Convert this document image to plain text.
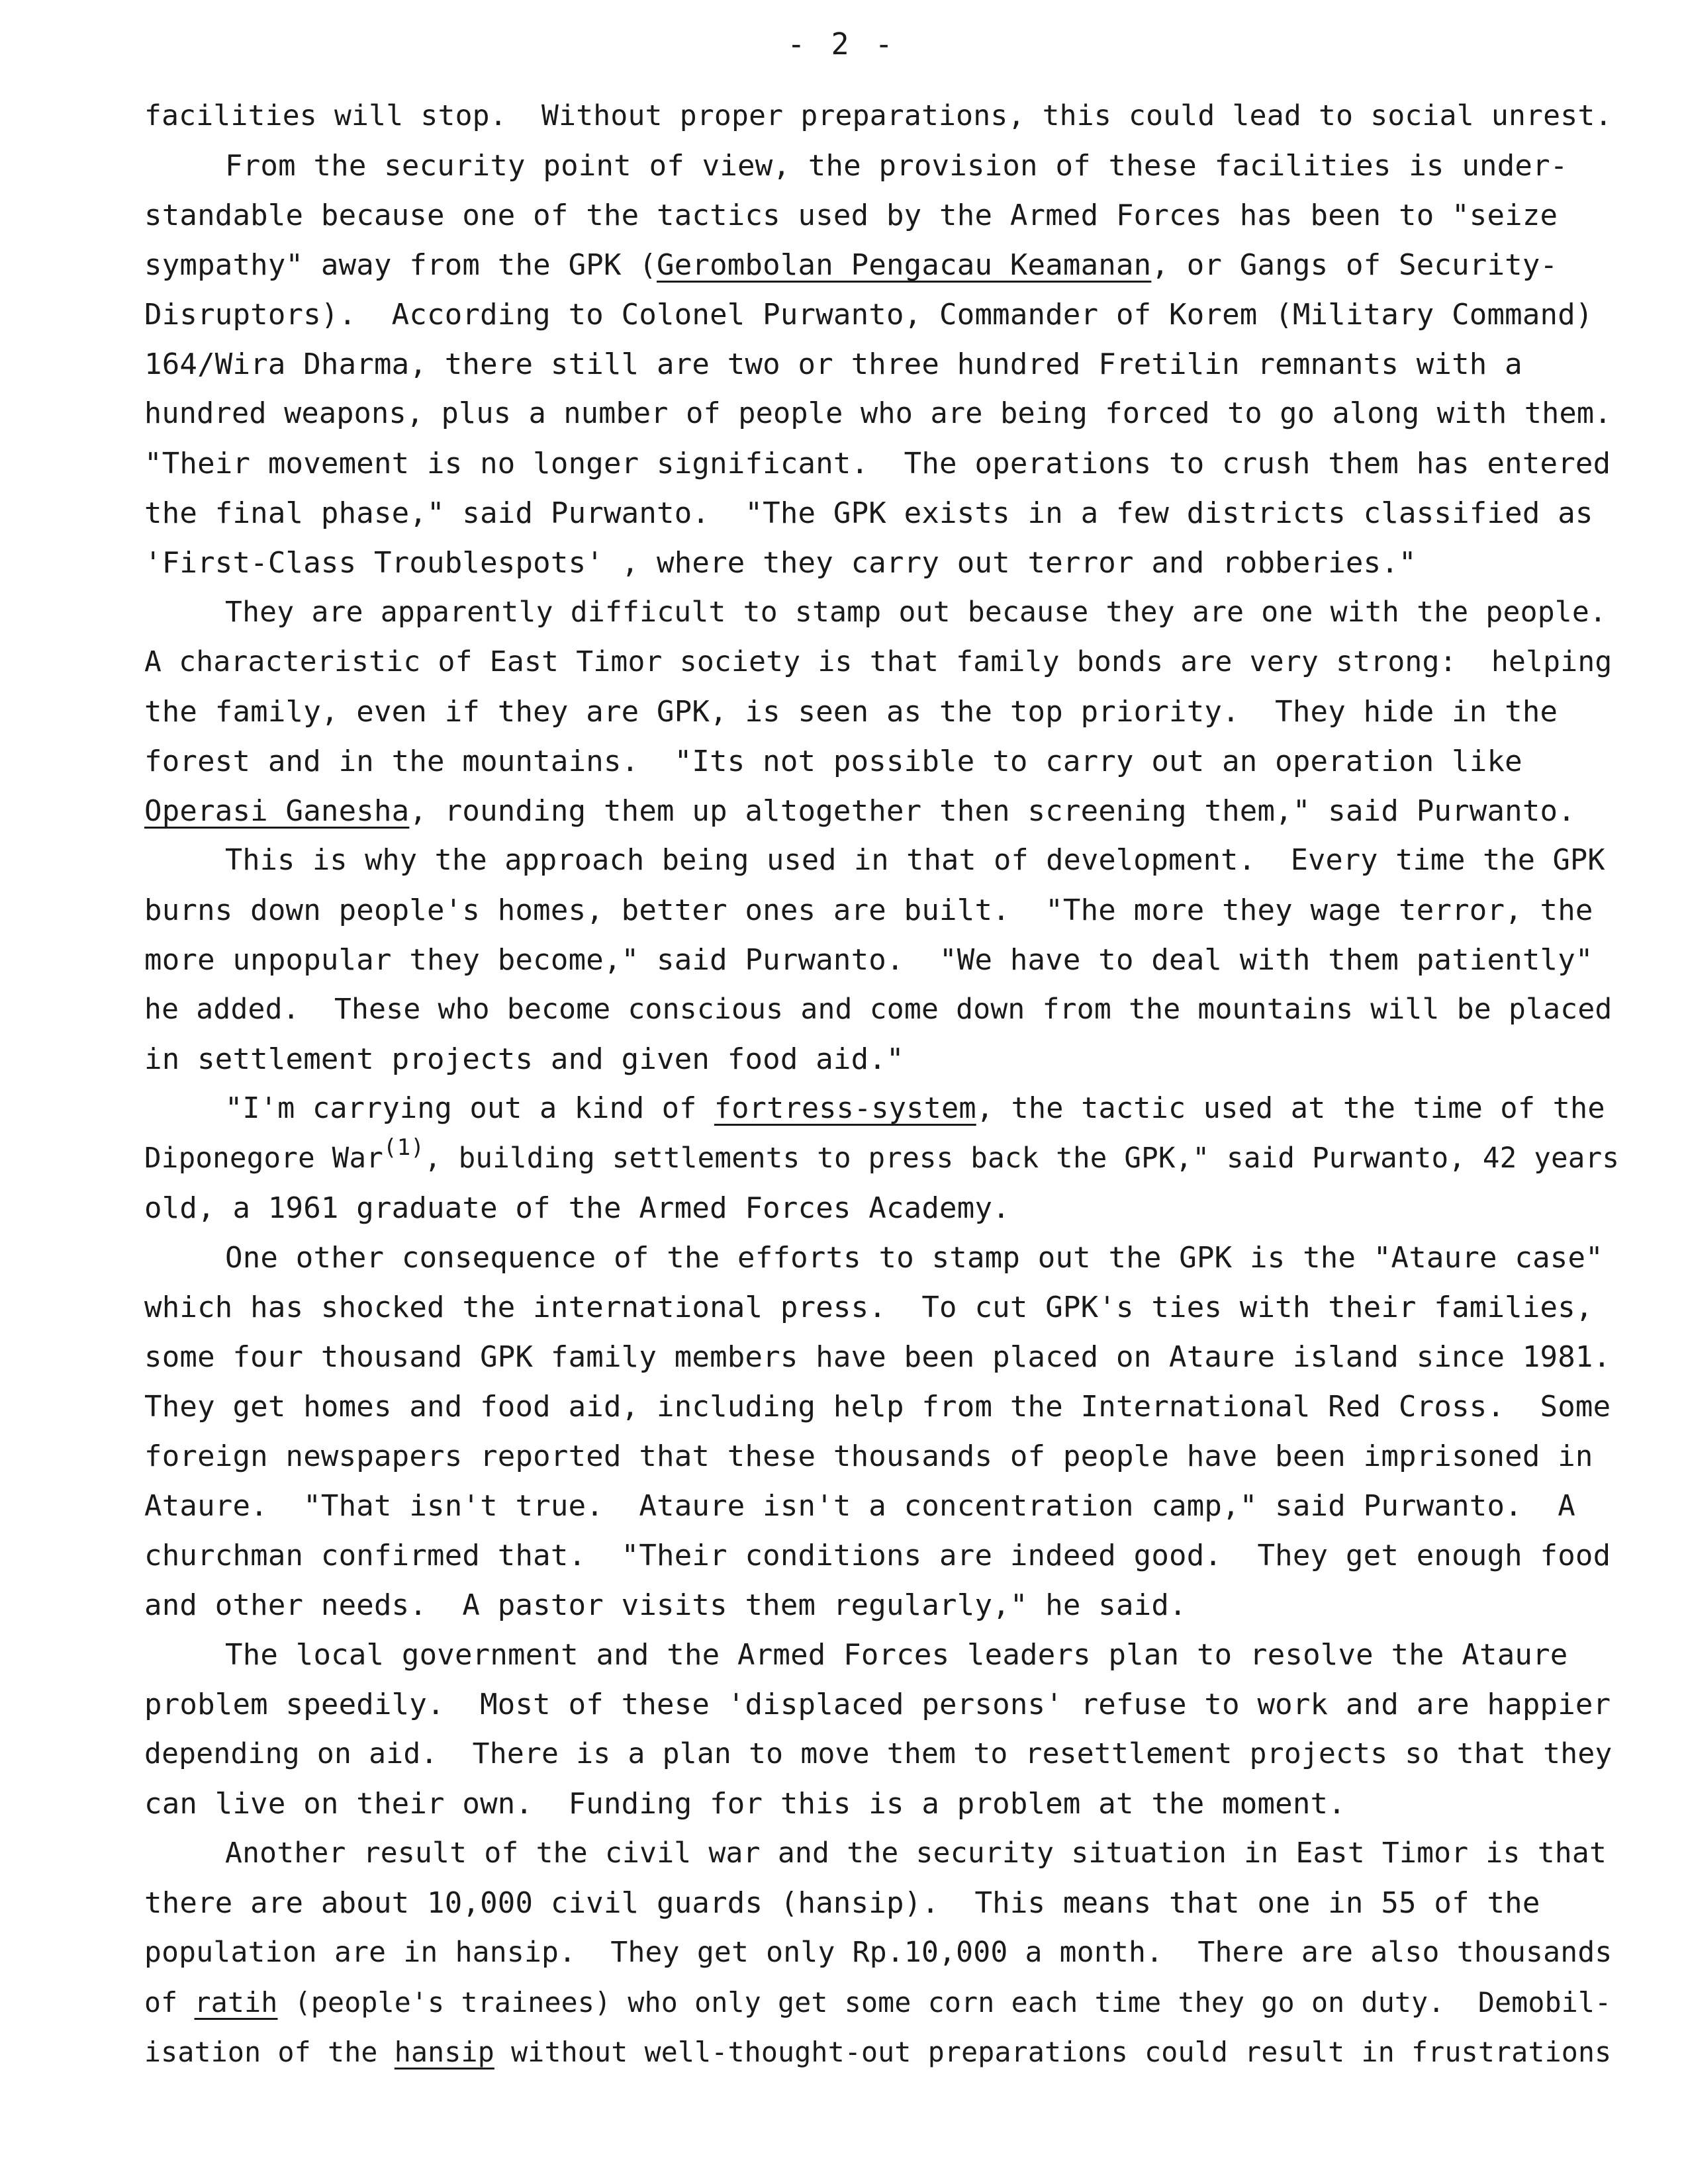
- 2 -
facilities will stop.  Without proper preparations, this could lead to social unrest.
From the security point of view, the provision of these facilities is under-
standable because one of the tactics used by the Armed Forces has been to "seize
sympathy" away from the GPK (Gerombolan Pengacau Keamanan, or Gangs of Security-
Disruptors).  According to Colonel Purwanto, Commander of Korem (Military Command)
164/Wira Dharma, there still are two or three hundred Fretilin remnants with a
hundred weapons, plus a number of people who are being forced to go along with them.
"Their movement is no longer significant.  The operations to crush them has entered
the final phase," said Purwanto.  "The GPK exists in a few districts classified as
'First-Class Troublespots' , where they carry out terror and robberies."
They are apparently difficult to stamp out because they are one with the people.
A characteristic of East Timor society is that family bonds are very strong:  helping
the family, even if they are GPK, is seen as the top priority.  They hide in the
forest and in the mountains.  "Its not possible to carry out an operation like
Operasi Ganesha, rounding them up altogether then screening them," said Purwanto.
This is why the approach being used in that of development.  Every time the GPK
burns down people's homes, better ones are built.  "The more they wage terror, the
more unpopular they become," said Purwanto.  "We have to deal with them patiently"
he added.  These who become conscious and come down from the mountains will be placed
in settlement projects and given food aid."
"I'm carrying out a kind of fortress-system, the tactic used at the time of the
Diponegore War$^{(1)}$, building settlements to press back the GPK," said Purwanto, 42 years
old, a 1961 graduate of the Armed Forces Academy.
One other consequence of the efforts to stamp out the GPK is the "Ataure case"
which has shocked the international press.  To cut GPK's ties with their families,
some four thousand GPK family members have been placed on Ataure island since 1981.
They get homes and food aid, including help from the International Red Cross.  Some
foreign newspapers reported that these thousands of people have been imprisoned in
Ataure.  "That isn't true.  Ataure isn't a concentration camp," said Purwanto.  A
churchman confirmed that.  "Their conditions are indeed good.  They get enough food
and other needs.  A pastor visits them regularly," he said.
The local government and the Armed Forces leaders plan to resolve the Ataure
problem speedily.  Most of these 'displaced persons' refuse to work and are happier
depending on aid.  There is a plan to move them to resettlement projects so that they
can live on their own.  Funding for this is a problem at the moment.
Another result of the civil war and the security situation in East Timor is that
there are about 10,000 civil guards (hansip).  This means that one in 55 of the
population are in hansip.  They get only Rp.10,000 a month.  There are also thousands
of ratih (people's trainees) who only get some corn each time they go on duty.  Demobil-
isation of the hansip without well-thought-out preparations could result in frustrations
